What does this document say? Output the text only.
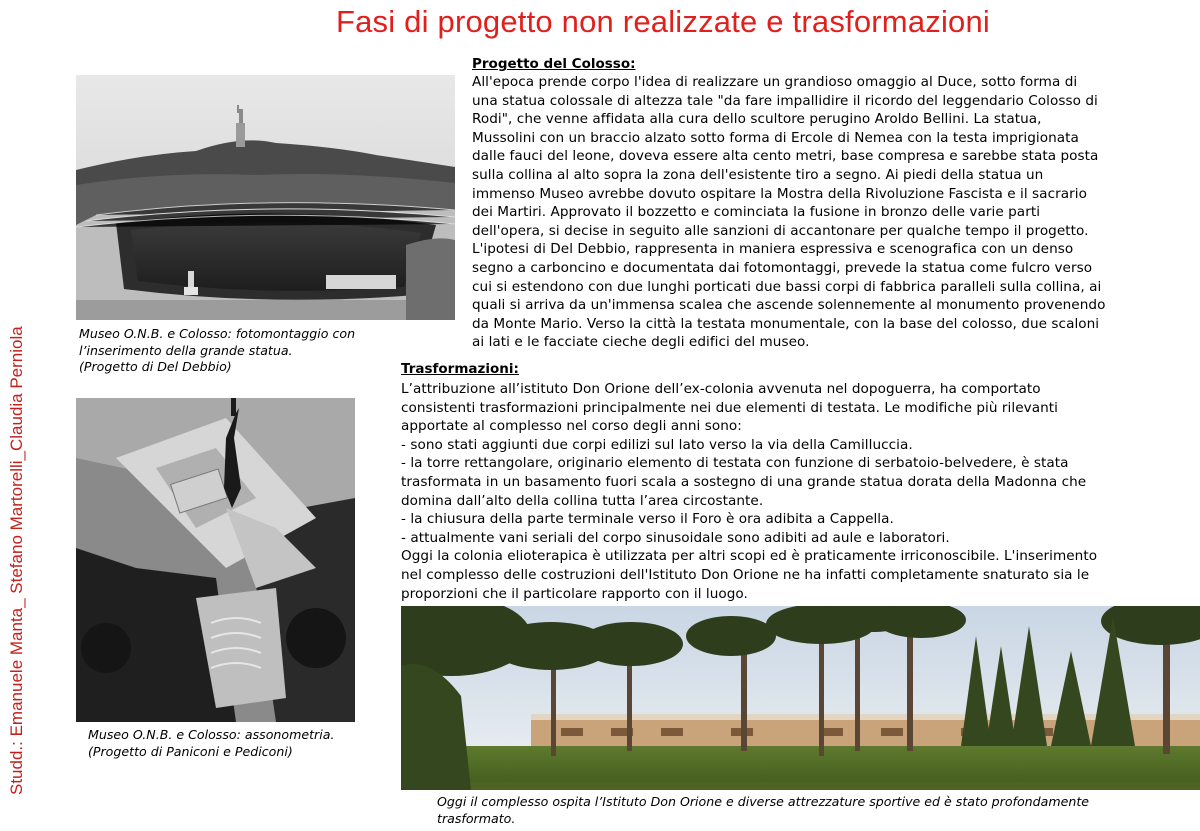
Fasi di progetto non realizzate e trasformazioni
Studd.: Emanuele Manta_ Stefano Martorelli_Claudia Perniola	Museo O.N.B. e Colosso: fotomontaggio con
l’inserimento della grande statua.
(Progetto di Del Debbio)
Museo O.N.B. e Colosso: assonometria.
(Progetto di Paniconi e Pediconi)
Progetto del Colosso:
All'epoca prende corpo l'idea di realizzare un grandioso omaggio al Duce, sotto forma di
una statua colossale di altezza tale "da fare impallidire il ricordo del leggendario Colosso di
Rodi", che venne affidata alla cura dello scultore perugino Aroldo Bellini. La statua,
Mussolini con un braccio alzato sotto forma di Ercole di Nemea con la testa imprigionata
dalle fauci del leone, doveva essere alta cento metri, base compresa e sarebbe stata posta
sulla collina al alto sopra la zona dell'esistente tiro a segno. Ai piedi della statua un
immenso Museo avrebbe dovuto ospitare la Mostra della Rivoluzione Fascista e il sacrario
dei Martiri. Approvato il bozzetto e cominciata la fusione in bronzo delle varie parti
dell'opera, si decise in seguito alle sanzioni di accantonare per qualche tempo il progetto.
L'ipotesi di Del Debbio, rappresenta in maniera espressiva e scenografica con un denso
segno a carboncino e documentata dai fotomontaggi, prevede la statua come fulcro verso
cui si estendono con due lunghi porticati due bassi corpi di fabbrica paralleli sulla collina, ai
quali si arriva da un'immensa scalea che ascende solennemente al monumento provenendo
da Monte Mario. Verso la città la testata monumentale, con la base del colosso, due scaloni
ai lati e le facciate cieche degli edifici del museo.
Trasformazioni:
L’attribuzione all’istituto Don Orione dell’ex-colonia avvenuta nel dopoguerra, ha comportato
consistenti trasformazioni principalmente nei due elementi di testata. Le modifiche più rilevanti
apportate al complesso nel corso degli anni sono:
- sono stati aggiunti due corpi edilizi sul lato verso la via della Camilluccia.
- la torre rettangolare, originario elemento di testata con funzione di serbatoio-belvedere, è stata
trasformata in un basamento fuori scala a sostegno di una grande statua dorata della Madonna che
domina dall’alto della collina tutta l’area circostante.
- la chiusura della parte terminale verso il Foro è ora adibita a Cappella.
- attualmente vani seriali del corpo sinusoidale sono adibiti ad aule e laboratori.
Oggi la colonia elioterapica è utilizzata per altri scopi ed è praticamente irriconoscibile. L'inserimento
nel complesso delle costruzioni dell'Istituto Don Orione ne ha infatti completamente snaturato sia le
proporzioni che il particolare rapporto con il luogo.
Oggi il complesso ospita l’Istituto Don Orione e diverse attrezzature sportive ed è stato profondamente
trasformato.
